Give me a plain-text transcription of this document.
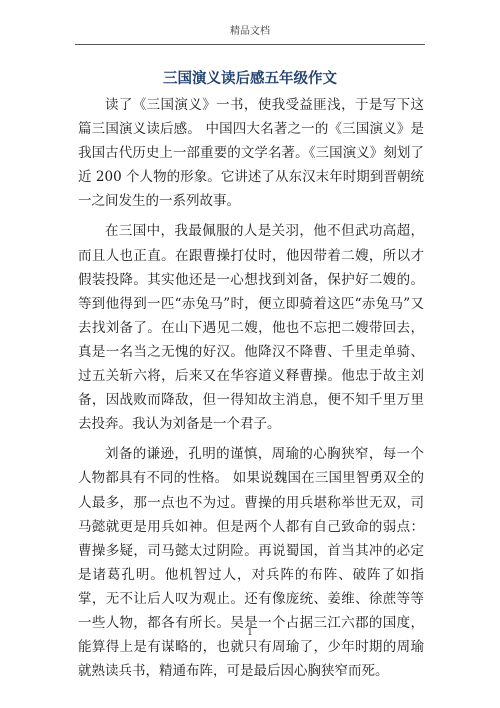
精品文档
三国演义读后感五年级作文

读了《三国演义》一书，使我受益匪浅，于是写下这篇三国演义读后感。 中国四大名著之一的《三国演义》是我国古代历史上一部重要的文学名著。《三国演义》刻划了近 200 个人物的形象。它讲述了从东汉末年时期到晋朝统一之间发生的一系列故事。

在三国中，我最佩服的人是关羽，他不但武功高超，而且人也正直。在跟曹操打仗时，他因带着二嫂，所以才假装投降。其实他还是一心想找到刘备，保护好二嫂的。等到他得到一匹“赤兔马”时，便立即骑着这匹“赤兔马”又去找刘备了。在山下遇见二嫂，他也不忘把二嫂带回去，真是一名当之无愧的好汉。他降汉不降曹、千里走单骑、过五关斩六将，后来又在华容道义释曹操。他忠于故主刘备，因战败而降敌，但一得知故主消息，便不知千里万里去投奔。我认为刘备是一个君子。

刘备的谦逊，孔明的谨慎，周瑜的心胸狭窄，每一个人物都具有不同的性格。 如果说魏国在三国里智勇双全的人最多，那一点也不为过。曹操的用兵堪称举世无双，司马懿就更是用兵如神。但是两个人都有自己致命的弱点：曹操多疑，司马懿太过阴险。再说蜀国，首当其冲的必定是诸葛孔明。他机智过人，对兵阵的布阵、破阵了如指掌，无不让后人叹为观止。还有像庞统、姜维、徐蔗等等一些人物，都各有所长。吴是一个占据三江六郡的国度，能算得上是有谋略的，也就只有周瑜了，少年时期的周瑜就熟读兵书，精通布阵，可是最后因心胸狭窄而死。

1
